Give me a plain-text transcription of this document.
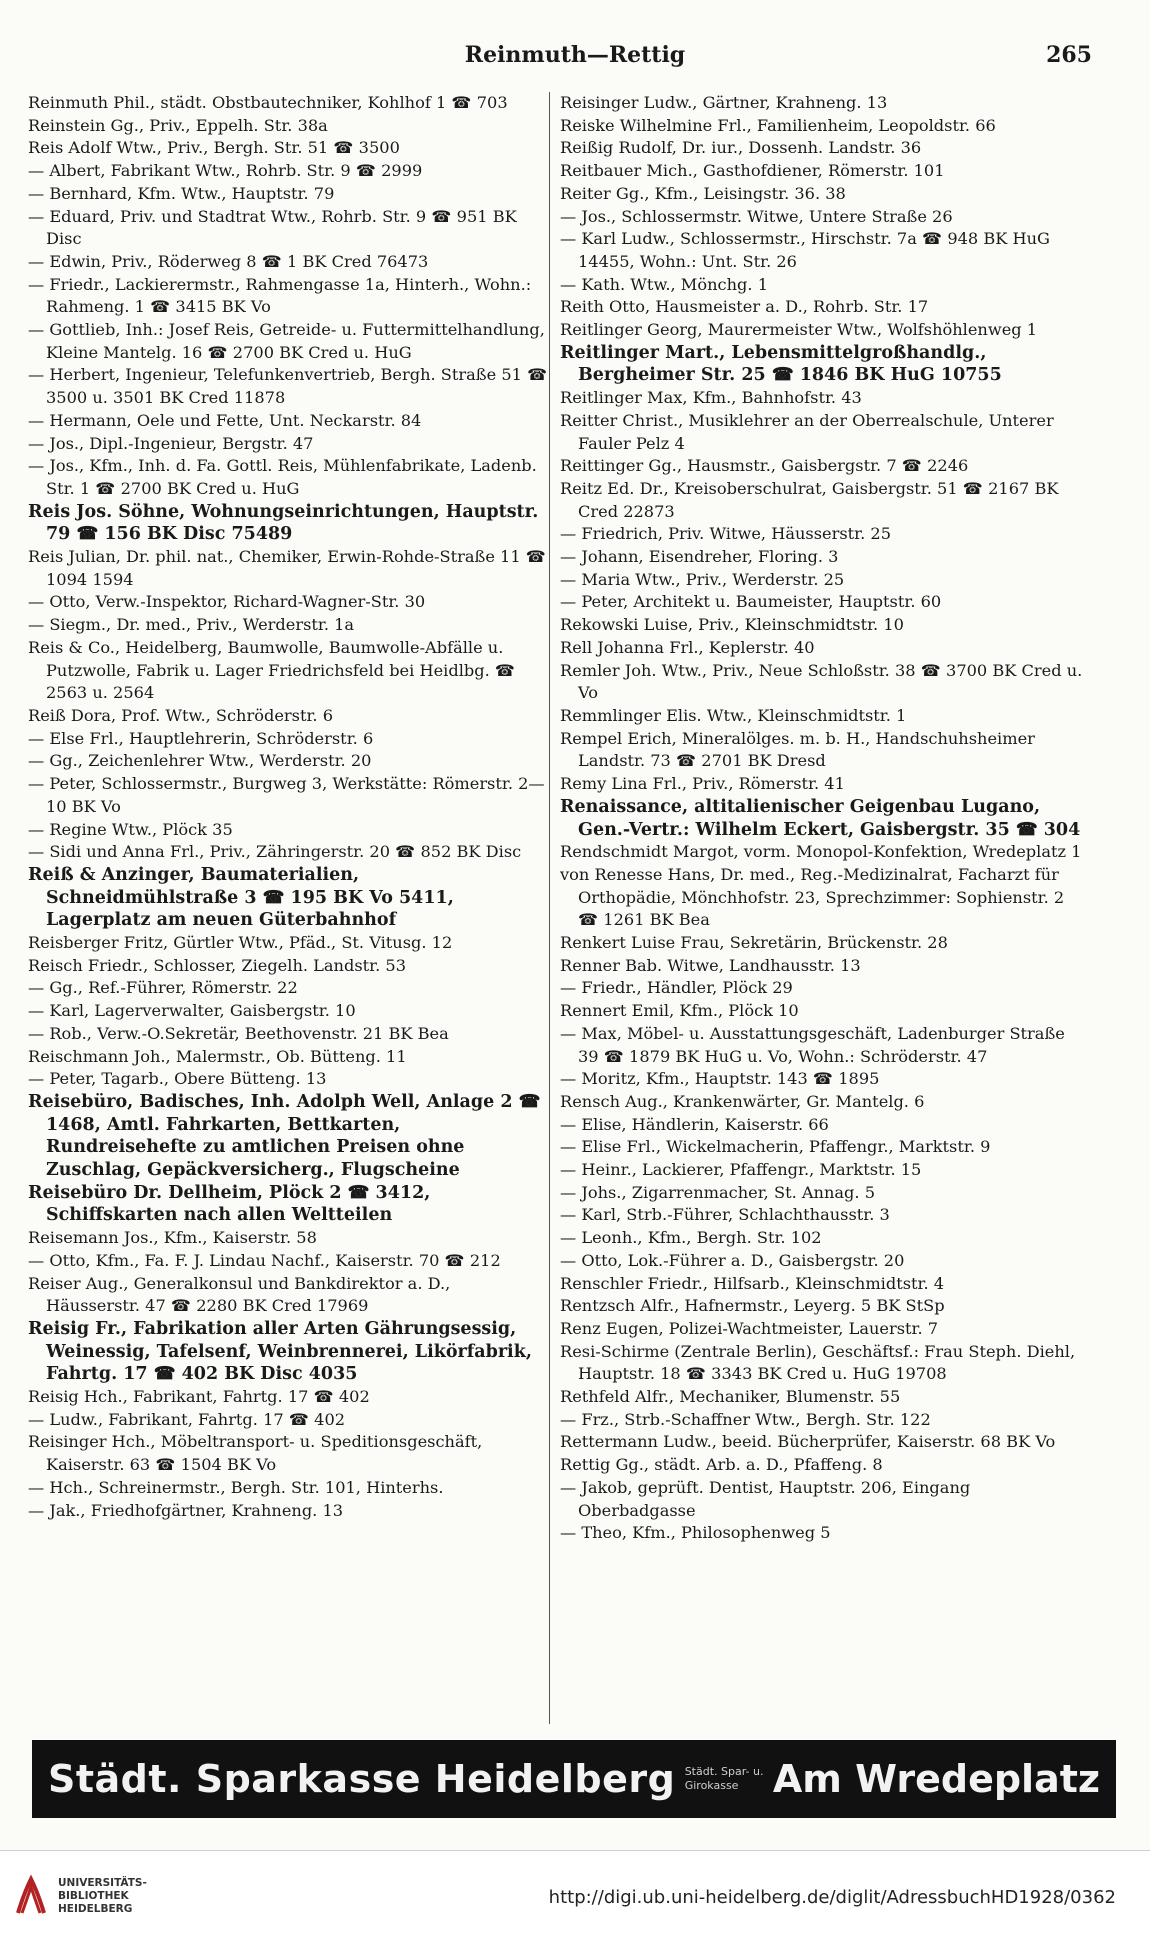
Reinmuth—Rettig	265

Reinmuth Phil., städt. Obstbautechniker, Kohlhof 1 ☎ 703

Reinstein Gg., Priv., Eppelh. Str. 38a

Reis Adolf Wtw., Priv., Bergh. Str. 51 ☎ 3500

— Albert, Fabrikant Wtw., Rohrb. Str. 9 ☎ 2999

— Bernhard, Kfm. Wtw., Hauptstr. 79

— Eduard, Priv. und Stadtrat Wtw., Rohrb. Str. 9 ☎ 951 BK Disc

— Edwin, Priv., Röderweg 8 ☎ 1 BK Cred 76473

— Friedr., Lackierermstr., Rahmengasse 1a, Hinterh., Wohn.: Rahmeng. 1 ☎ 3415 BK Vo

— Gottlieb, Inh.: Josef Reis, Getreide- u. Futtermittelhandlung, Kleine Mantelg. 16 ☎ 2700 BK Cred u. HuG

— Herbert, Ingenieur, Telefunkenvertrieb, Bergh. Straße 51 ☎ 3500 u. 3501 BK Cred 11878

— Hermann, Oele und Fette, Unt. Neckarstr. 84

— Jos., Dipl.-Ingenieur, Bergstr. 47

— Jos., Kfm., Inh. d. Fa. Gottl. Reis, Mühlenfabrikate, Ladenb. Str. 1 ☎ 2700 BK Cred u. HuG

Reis Jos. Söhne, Wohnungseinrichtungen, Hauptstr. 79 ☎ 156 BK Disc 75489

Reis Julian, Dr. phil. nat., Chemiker, Erwin-Rohde-Straße 11 ☎ 1094 1594

— Otto, Verw.-Inspektor, Richard-Wagner-Str. 30

— Siegm., Dr. med., Priv., Werderstr. 1a

Reis & Co., Heidelberg, Baumwolle, Baumwolle-Abfälle u. Putzwolle, Fabrik u. Lager Friedrichsfeld bei Heidlbg. ☎ 2563 u. 2564

Reiß Dora, Prof. Wtw., Schröderstr. 6

— Else Frl., Hauptlehrerin, Schröderstr. 6

— Gg., Zeichenlehrer Wtw., Werderstr. 20

— Peter, Schlossermstr., Burgweg 3, Werkstätte: Römerstr. 2—10 BK Vo

— Regine Wtw., Plöck 35

— Sidi und Anna Frl., Priv., Zähringerstr. 20 ☎ 852 BK Disc

Reiß & Anzinger, Baumaterialien, Schneidmühlstraße 3 ☎ 195 BK Vo 5411, Lagerplatz am neuen Güterbahnhof

Reisberger Fritz, Gürtler Wtw., Pfäd., St. Vitusg. 12

Reisch Friedr., Schlosser, Ziegelh. Landstr. 53

— Gg., Ref.-Führer, Römerstr. 22

— Karl, Lagerverwalter, Gaisbergstr. 10

— Rob., Verw.-O.Sekretär, Beethovenstr. 21 BK Bea

Reischmann Joh., Malermstr., Ob. Bütteng. 11

— Peter, Tagarb., Obere Bütteng. 13

Reisebüro, Badisches, Inh. Adolph Well, Anlage 2 ☎ 1468, Amtl. Fahrkarten, Bettkarten, Rundreisehefte zu amtlichen Preisen ohne Zuschlag, Gepäckversicherg., Flugscheine

Reisebüro Dr. Dellheim, Plöck 2 ☎ 3412, Schiffskarten nach allen Weltteilen

Reisemann Jos., Kfm., Kaiserstr. 58

— Otto, Kfm., Fa. F. J. Lindau Nachf., Kaiserstr. 70 ☎ 212

Reiser Aug., Generalkonsul und Bankdirektor a. D., Häusserstr. 47 ☎ 2280 BK Cred 17969

Reisig Fr., Fabrikation aller Arten Gährungsessig, Weinessig, Tafelsenf, Weinbrennerei, Likörfabrik, Fahrtg. 17 ☎ 402 BK Disc 4035

Reisig Hch., Fabrikant, Fahrtg. 17 ☎ 402

— Ludw., Fabrikant, Fahrtg. 17 ☎ 402

Reisinger Hch., Möbeltransport- u. Speditionsgeschäft, Kaiserstr. 63 ☎ 1504 BK Vo

— Hch., Schreinermstr., Bergh. Str. 101, Hinterhs.

— Jak., Friedhofgärtner, Krahneng. 13

Reisinger Ludw., Gärtner, Krahneng. 13

Reiske Wilhelmine Frl., Familienheim, Leopoldstr. 66

Reißig Rudolf, Dr. iur., Dossenh. Landstr. 36

Reitbauer Mich., Gasthofdiener, Römerstr. 101

Reiter Gg., Kfm., Leisingstr. 36. 38

— Jos., Schlossermstr. Witwe, Untere Straße 26

— Karl Ludw., Schlossermstr., Hirschstr. 7a ☎ 948 BK HuG 14455, Wohn.: Unt. Str. 26

— Kath. Wtw., Mönchg. 1

Reith Otto, Hausmeister a. D., Rohrb. Str. 17

Reitlinger Georg, Maurermeister Wtw., Wolfshöhlenweg 1

Reitlinger Mart., Lebensmittelgroßhandlg., Bergheimer Str. 25 ☎ 1846 BK HuG 10755

Reitlinger Max, Kfm., Bahnhofstr. 43

Reitter Christ., Musiklehrer an der Oberrealschule, Unterer Fauler Pelz 4

Reittinger Gg., Hausmstr., Gaisbergstr. 7 ☎ 2246

Reitz Ed. Dr., Kreisoberschulrat, Gaisbergstr. 51 ☎ 2167 BK Cred 22873

— Friedrich, Priv. Witwe, Häusserstr. 25

— Johann, Eisendreher, Floring. 3

— Maria Wtw., Priv., Werderstr. 25

— Peter, Architekt u. Baumeister, Hauptstr. 60

Rekowski Luise, Priv., Kleinschmidtstr. 10

Rell Johanna Frl., Keplerstr. 40

Remler Joh. Wtw., Priv., Neue Schloßstr. 38 ☎ 3700 BK Cred u. Vo

Remmlinger Elis. Wtw., Kleinschmidtstr. 1

Rempel Erich, Mineralölges. m. b. H., Handschuhsheimer Landstr. 73 ☎ 2701 BK Dresd

Remy Lina Frl., Priv., Römerstr. 41

Renaissance, altitalienischer Geigenbau Lugano, Gen.-Vertr.: Wilhelm Eckert, Gaisbergstr. 35 ☎ 304

Rendschmidt Margot, vorm. Monopol-Konfektion, Wredeplatz 1

von Renesse Hans, Dr. med., Reg.-Medizinalrat, Facharzt für Orthopädie, Mönchhofstr. 23, Sprechzimmer: Sophienstr. 2 ☎ 1261 BK Bea

Renkert Luise Frau, Sekretärin, Brückenstr. 28

Renner Bab. Witwe, Landhausstr. 13

— Friedr., Händler, Plöck 29

Rennert Emil, Kfm., Plöck 10

— Max, Möbel- u. Ausstattungsgeschäft, Ladenburger Straße 39 ☎ 1879 BK HuG u. Vo, Wohn.: Schröderstr. 47

— Moritz, Kfm., Hauptstr. 143 ☎ 1895

Rensch Aug., Krankenwärter, Gr. Mantelg. 6

— Elise, Händlerin, Kaiserstr. 66

— Elise Frl., Wickelmacherin, Pfaffengr., Marktstr. 9

— Heinr., Lackierer, Pfaffengr., Marktstr. 15

— Johs., Zigarrenmacher, St. Annag. 5

— Karl, Strb.-Führer, Schlachthausstr. 3

— Leonh., Kfm., Bergh. Str. 102

— Otto, Lok.-Führer a. D., Gaisbergstr. 20

Renschler Friedr., Hilfsarb., Kleinschmidtstr. 4

Rentzsch Alfr., Hafnermstr., Leyerg. 5 BK StSp

Renz Eugen, Polizei-Wachtmeister, Lauerstr. 7

Resi-Schirme (Zentrale Berlin), Geschäftsf.: Frau Steph. Diehl, Hauptstr. 18 ☎ 3343 BK Cred u. HuG 19708

Rethfeld Alfr., Mechaniker, Blumenstr. 55

— Frz., Strb.-Schaffner Wtw., Bergh. Str. 122

Rettermann Ludw., beeid. Bücherprüfer, Kaiserstr. 68 BK Vo

Rettig Gg., städt. Arb. a. D., Pfaffeng. 8

— Jakob, geprüft. Dentist, Hauptstr. 206, Eingang Oberbadgasse

— Theo, Kfm., Philosophenweg 5

Städt. Sparkasse Heidelberg Städt. Spar- u.
Girokasse Am Wredeplatz
UNIVERSITÄTS-
BIBLIOTHEK
HEIDELBERG
http://digi.ub.uni-heidelberg.de/diglit/AdressbuchHD1928/0362
